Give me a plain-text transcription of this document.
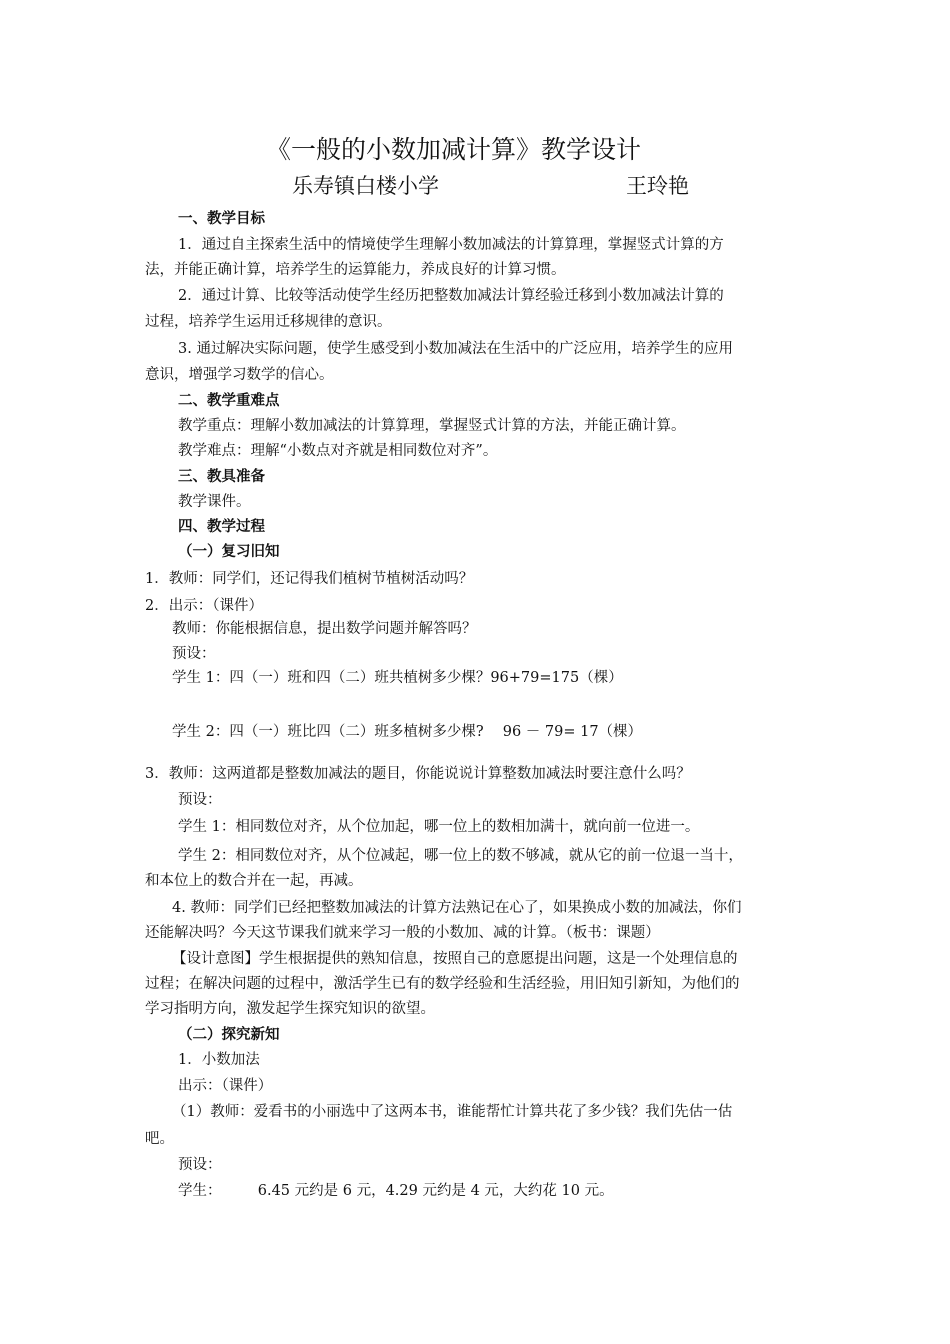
《一般的小数加减计算》教学设计
乐寿镇白楼小学	王玲艳
一、教学目标
1．通过自主探索生活中的情境使学生理解小数加减法的计算算理，掌握竖式计算的方
法，并能正确计算，培养学生的运算能力，养成良好的计算习惯。
2．通过计算、比较等活动使学生经历把整数加减法计算经验迁移到小数加减法计算的
过程，培养学生运用迁移规律的意识。
3. 通过解决实际问题，使学生感受到小数加减法在生活中的广泛应用，培养学生的应用
意识，增强学习数学的信心。
二、教学重难点
教学重点：理解小数加减法的计算算理，掌握竖式计算的方法，并能正确计算。
教学难点：理解“小数点对齐就是相同数位对齐”。
三、教具准备
教学课件。
四、教学过程
（一）复习旧知
1．教师：同学们，还记得我们植树节植树活动吗？
2．出示：（课件）
教师：你能根据信息，提出数学问题并解答吗？
预设：
学生 1：四（一）班和四（二）班共植树多少棵？96+79=175（棵）
学生 2：四（一）班比四（二）班多植树多少棵?　 96 － 79= 17（棵）
3．教师：这两道都是整数加减法的题目，你能说说计算整数加减法时要注意什么吗？
预设：
学生 1：相同数位对齐，从个位加起，哪一位上的数相加满十，就向前一位进一。
学生 2：相同数位对齐，从个位减起，哪一位上的数不够减，就从它的前一位退一当十，
和本位上的数合并在一起，再减。
4. 教师：同学们已经把整数加减法的计算方法熟记在心了，如果换成小数的加减法，你们
还能解决吗？今天这节课我们就来学习一般的小数加、减的计算。（板书：课题）
【设计意图】学生根据提供的熟知信息，按照自己的意愿提出问题，这是一个处理信息的
过程；在解决问题的过程中，激活学生已有的数学经验和生活经验，用旧知引新知，为他们的
学习指明方向，激发起学生探究知识的欲望。
（二）探究新知
1．小数加法
出示：（课件）
（1）教师：爱看书的小丽选中了这两本书，谁能帮忙计算共花了多少钱？我们先估一估
吧。
预设：
学生：　　　6.45 元约是 6 元，4.29 元约是 4 元，大约花 10 元。
